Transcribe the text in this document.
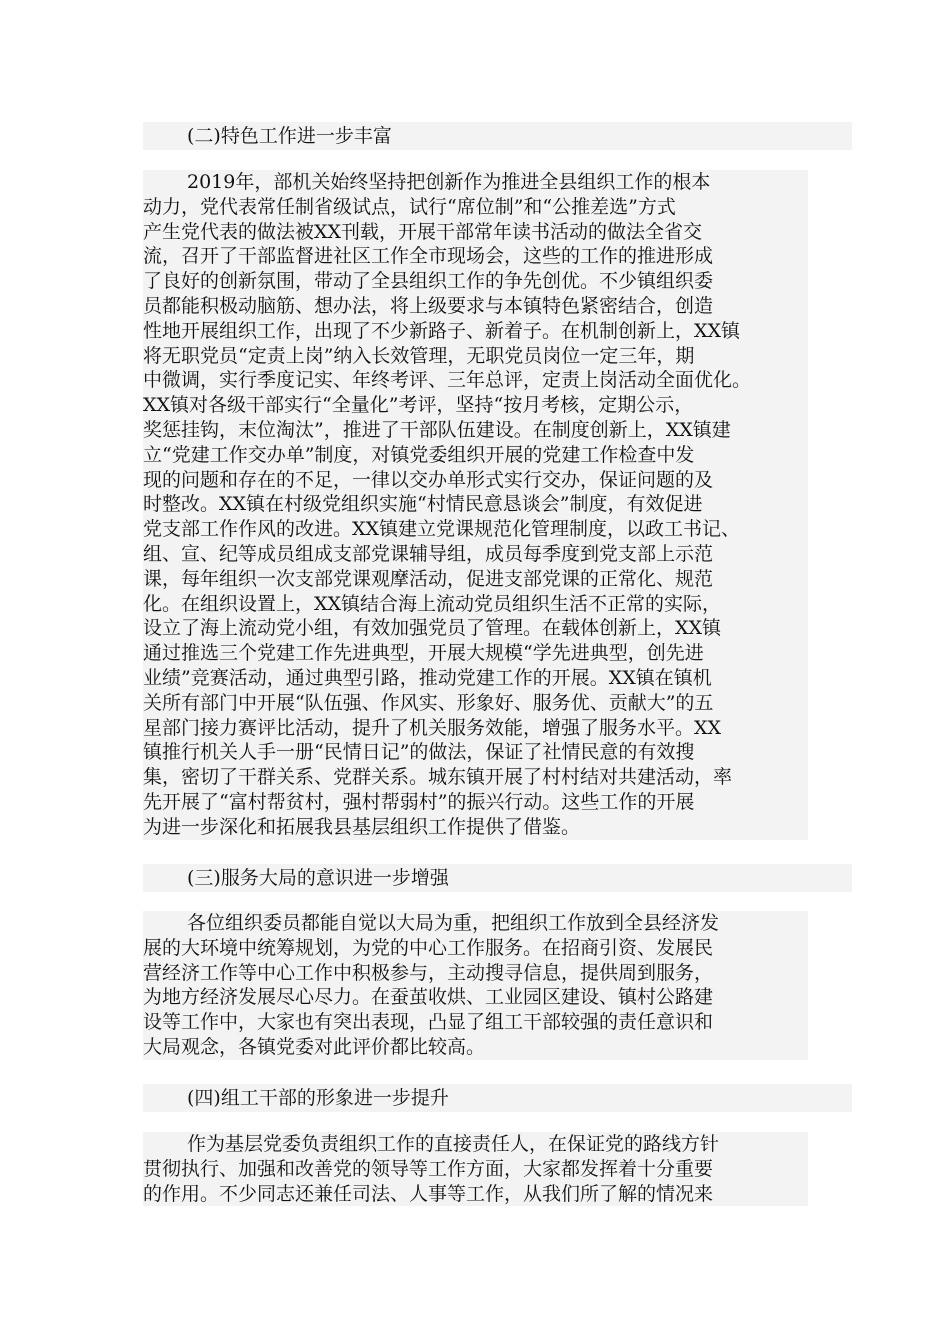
(二)特色工作进一步丰富
2019年，部机关始终坚持把创新作为推进全县组织工作的根本
动力，党代表常任制省级试点，试行“席位制”和“公推差选”方式
产生党代表的做法被XX刊载，开展干部常年读书活动的做法全省交
流，召开了干部监督进社区工作全市现场会，这些的工作的推进形成
了良好的创新氛围，带动了全县组织工作的争先创优。不少镇组织委
员都能积极动脑筋、想办法，将上级要求与本镇特色紧密结合，创造
性地开展组织工作，出现了不少新路子、新着子。在机制创新上，XX镇
将无职党员“定责上岗”纳入长效管理，无职党员岗位一定三年，期
中微调，实行季度记实、年终考评、三年总评，定责上岗活动全面优化。
XX镇对各级干部实行“全量化”考评，坚持“按月考核，定期公示，
奖惩挂钩，末位淘汰”，推进了干部队伍建设。在制度创新上，XX镇建
立“党建工作交办单”制度，对镇党委组织开展的党建工作检查中发
现的问题和存在的不足，一律以交办单形式实行交办，保证问题的及
时整改。XX镇在村级党组织实施“村情民意恳谈会”制度，有效促进
党支部工作作风的改进。XX镇建立党课规范化管理制度，以政工书记、
组、宣、纪等成员组成支部党课辅导组，成员每季度到党支部上示范
课，每年组织一次支部党课观摩活动，促进支部党课的正常化、规范
化。在组织设置上，XX镇结合海上流动党员组织生活不正常的实际，
设立了海上流动党小组，有效加强党员了管理。在载体创新上，XX镇
通过推选三个党建工作先进典型，开展大规模“学先进典型，创先进
业绩”竞赛活动，通过典型引路，推动党建工作的开展。XX镇在镇机
关所有部门中开展“队伍强、作风实、形象好、服务优、贡献大”的五
星部门接力赛评比活动，提升了机关服务效能，增强了服务水平。XX
镇推行机关人手一册“民情日记”的做法，保证了社情民意的有效搜
集，密切了干群关系、党群关系。城东镇开展了村村结对共建活动，率
先开展了“富村帮贫村，强村帮弱村”的振兴行动。这些工作的开展
为进一步深化和拓展我县基层组织工作提供了借鉴。
(三)服务大局的意识进一步增强
各位组织委员都能自觉以大局为重，把组织工作放到全县经济发
展的大环境中统筹规划，为党的中心工作服务。在招商引资、发展民
营经济工作等中心工作中积极参与，主动搜寻信息，提供周到服务，
为地方经济发展尽心尽力。在蚕茧收烘、工业园区建设、镇村公路建
设等工作中，大家也有突出表现，凸显了组工干部较强的责任意识和
大局观念，各镇党委对此评价都比较高。
(四)组工干部的形象进一步提升
作为基层党委负责组织工作的直接责任人，在保证党的路线方针
贯彻执行、加强和改善党的领导等工作方面，大家都发挥着十分重要
的作用。不少同志还兼任司法、人事等工作，从我们所了解的情况来
